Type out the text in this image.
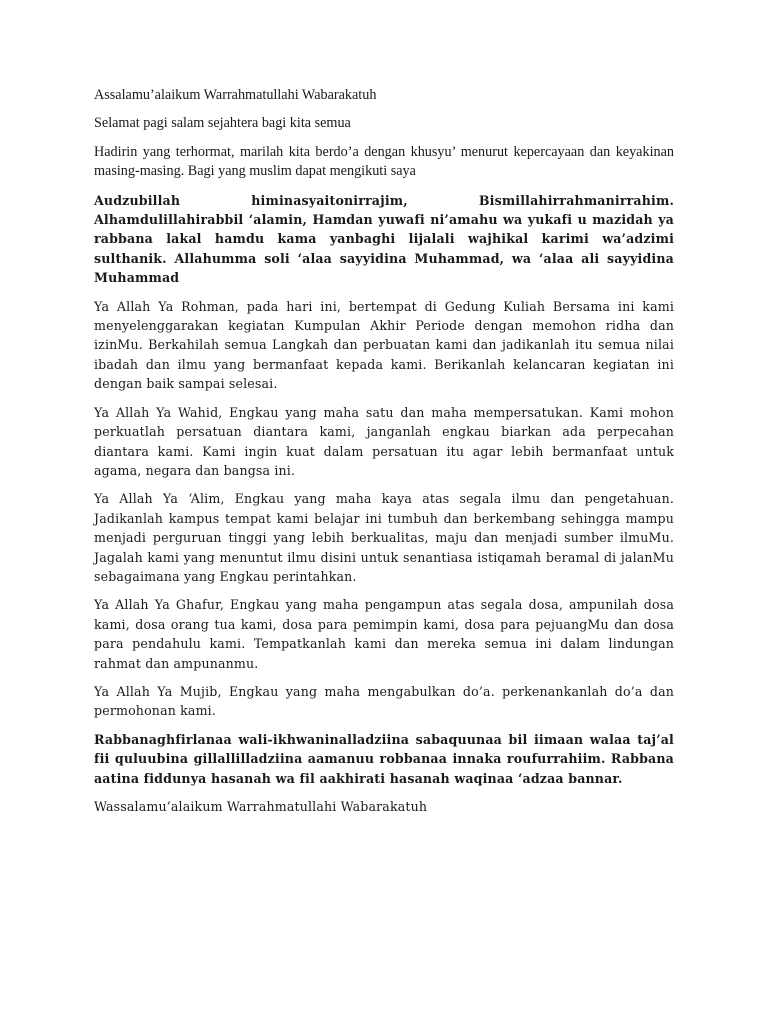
Assalamu’alaikum Warrahmatullahi Wabarakatuh

Selamat pagi salam sejahtera bagi kita semua

Hadirin yang terhormat, marilah kita berdo’a dengan khusyu’ menurut kepercayaan dan keyakinan masing-masing. Bagi yang muslim dapat mengikuti saya

Audzubillah himinasyaitonirrajim, Bismillahirrahmanirrahim. Alhamdulillahirabbil ‘alamin, Hamdan yuwafi ni’amahu wa yukafi u mazidah ya rabbana lakal hamdu kama yanbaghi lijalali wajhikal karimi wa’adzimi sulthanik. Allahumma soli ‘alaa sayyidina Muhammad, wa ‘alaa ali sayyidina Muhammad

Ya Allah Ya Rohman, pada hari ini, bertempat di Gedung Kuliah Bersama ini kami menyelenggarakan kegiatan Kumpulan Akhir Periode dengan memohon ridha dan izinMu. Berkahilah semua Langkah dan perbuatan kami dan jadikanlah itu semua nilai ibadah dan ilmu yang bermanfaat kepada kami. Berikanlah kelancaran kegiatan ini dengan baik sampai selesai.

Ya Allah Ya Wahid, Engkau yang maha satu dan maha mempersatukan. Kami mohon perkuatlah persatuan diantara kami, janganlah engkau biarkan ada perpecahan diantara kami. Kami ingin kuat dalam persatuan itu agar lebih bermanfaat untuk agama, negara dan bangsa ini.

Ya Allah Ya ‘Alim, Engkau yang maha kaya atas segala ilmu dan pengetahuan. Jadikanlah kampus tempat kami belajar ini tumbuh dan berkembang sehingga mampu menjadi perguruan tinggi yang lebih berkualitas, maju dan menjadi sumber ilmuMu. Jagalah kami yang menuntut ilmu disini untuk senantiasa istiqamah beramal di jalanMu sebagaimana yang Engkau perintahkan.

Ya Allah Ya Ghafur, Engkau yang maha pengampun atas segala dosa, ampunilah dosa kami, dosa orang tua kami, dosa para pemimpin kami, dosa para pejuangMu dan dosa para pendahulu kami. Tempatkanlah kami dan mereka semua ini dalam lindungan rahmat dan ampunanmu.

Ya Allah Ya Mujib, Engkau yang maha mengabulkan do’a. perkenankanlah do’a dan permohonan kami.

Rabbanaghfirlanaa wali-ikhwaninalladziina sabaquunaa bil iimaan walaa taj’al fii quluubina gillallilladziina aamanuu robbanaa innaka roufurrahiim. Rabbana aatina fiddunya hasanah wa fil aakhirati hasanah waqinaa ‘adzaa bannar.

Wassalamu’alaikum Warrahmatullahi Wabarakatuh
